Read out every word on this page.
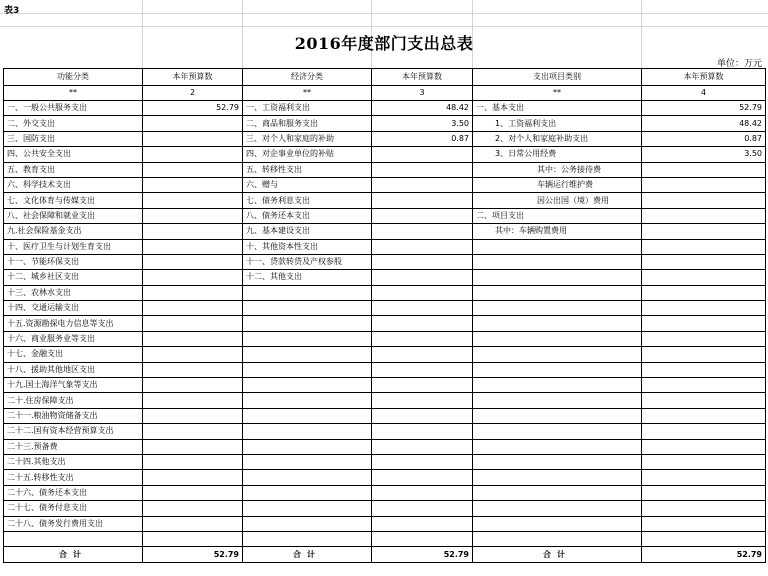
表3
2016年度部门支出总表
单位：万元
功能分类	本年预算数	经济分类	本年预算数	支出项目类别	本年预算数
**	2	**	3	**	4
一、一般公共服务支出	52.79	一、工资福利支出	48.42	一、基本支出	52.79
二、外交支出		二、商品和服务支出	3.50	1、工资福利支出	48.42
三、国防支出		三、对个人和家庭的补助	0.87	2、对个人和家庭补助支出	0.87
四、公共安全支出		四、对企事业单位的补贴		3、日常公用经费	3.50
五、教育支出		五、转移性支出		其中：公务接待费	
六、科学技术支出		六、赠与		车辆运行维护费	
七、文化体育与传媒支出		七、债务利息支出		因公出国（境）费用	
八、社会保障和就业支出		八、债务还本支出		二、项目支出	
九.社会保险基金支出		九、基本建设支出		其中：车辆购置费用	
十、医疗卫生与计划生育支出		十、其他资本性支出			
十一、节能环保支出		十一、贷款转贷及产权参股			
十二、城乡社区支出		十二、其他支出			
十三、农林水支出					
十四、交通运输支出					
十五.资源勘探电力信息等支出					
十六、商业服务业等支出					
十七、金融支出					
十八、援助其他地区支出					
十九.国土海洋气象等支出					
二十.住房保障支出					
二十一.粮油物资储备支出					
二十二.国有资本经营预算支出					
二十三.预备费					
二十四.其他支出					
二十五.转移性支出					
二十六、债务还本支出					
二十七、债务付息支出					
二十八、债务发行费用支出					

合计	52.79	合计	52.79	合计	52.79
